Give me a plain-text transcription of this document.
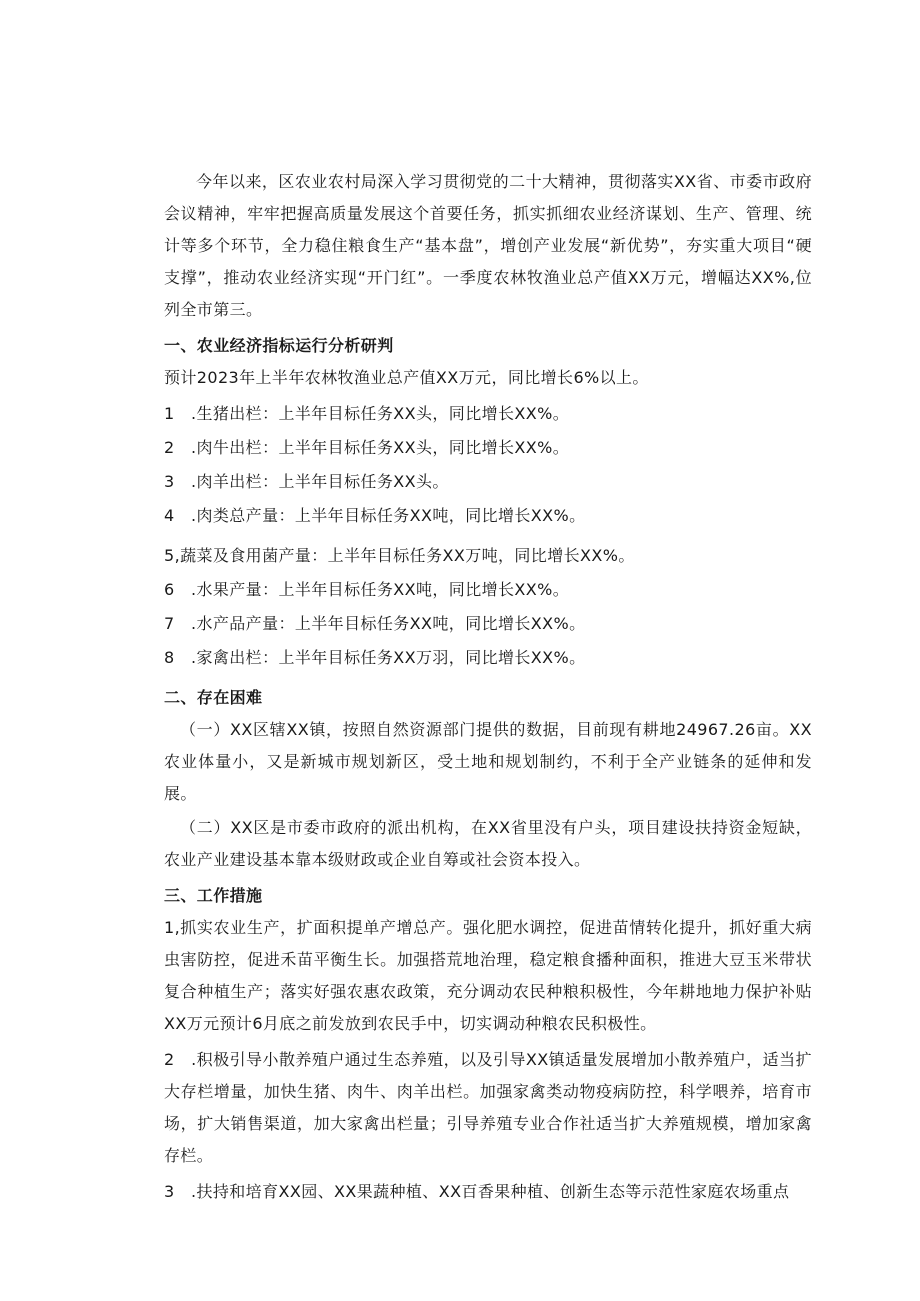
今年以来，区农业农村局深入学习贯彻党的二十大精神，贯彻落实XX省、市委市政府会议精神，牢牢把握高质量发展这个首要任务，抓实抓细农业经济谋划、生产、管理、统计等多个环节，全力稳住粮食生产“基本盘”，增创产业发展“新优势”，夯实重大项目“硬支撑”，推动农业经济实现“开门红”。一季度农林牧渔业总产值XX万元，增幅达XX%,位列全市第三。

一、农业经济指标运行分析研判

预计2023年上半年农林牧渔业总产值XX万元，同比增长6%以上。

1　.生猪出栏：上半年目标任务XX头，同比增长XX%。

2　.肉牛出栏：上半年目标任务XX头，同比增长XX%。

3　.肉羊出栏：上半年目标任务XX头。

4　.肉类总产量：上半年目标任务XX吨，同比增长XX%。

5,蔬菜及食用菌产量：上半年目标任务XX万吨，同比增长XX%。

6　.水果产量：上半年目标任务XX吨，同比增长XX%。

7　.水产品产量：上半年目标任务XX吨，同比增长XX%。

8　.家禽出栏：上半年目标任务XX万羽，同比增长XX%。

二、存在困难

（一）XX区辖XX镇，按照自然资源部门提供的数据，目前现有耕地24967.26亩。XX农业体量小，又是新城市规划新区，受土地和规划制约，不利于全产业链条的延伸和发展。

（二）XX区是市委市政府的派出机构，在XX省里没有户头，项目建设扶持资金短缺，农业产业建设基本靠本级财政或企业自筹或社会资本投入。

三、工作措施

1,抓实农业生产，扩面积提单产增总产。强化肥水调控，促进苗情转化提升，抓好重大病虫害防控，促进禾苗平衡生长。加强搭荒地治理，稳定粮食播种面积，推进大豆玉米带状复合种植生产；落实好强农惠农政策，充分调动农民种粮积极性，今年耕地地力保护补贴XX万元预计6月底之前发放到农民手中，切实调动种粮农民积极性。

2　.积极引导小散养殖户通过生态养殖，以及引导XX镇适量发展增加小散养殖户，适当扩大存栏增量，加快生猪、肉牛、肉羊出栏。加强家禽类动物疫病防控，科学喂养，培育市场，扩大销售渠道，加大家禽出栏量；引导养殖专业合作社适当扩大养殖规模，增加家禽存栏。

3　.扶持和培育XX园、XX果蔬种植、XX百香果种植、创新生态等示范性家庭农场重点
